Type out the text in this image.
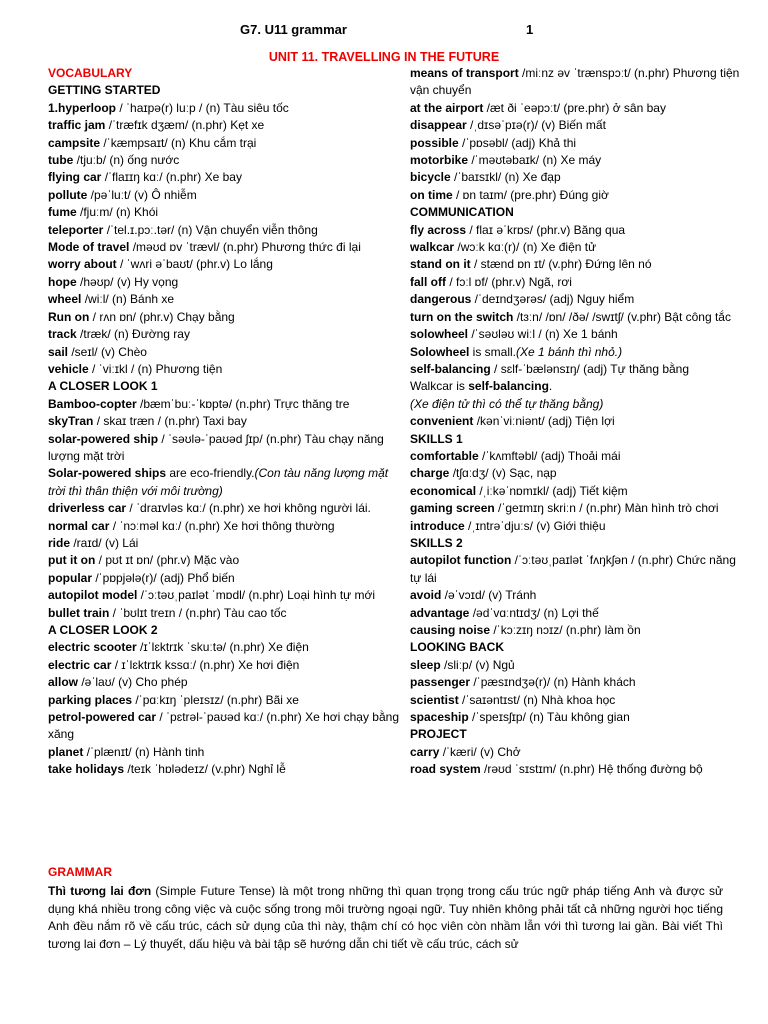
G7. U11 grammar	1
UNIT 11. TRAVELLING IN THE FUTURE
VOCABULARY
GETTING STARTED
1.hyperloop / ˈhaɪpə(r) luːp / (n) Tàu siêu tốc
traffic jam /ˈtræfɪk dʒæm/ (n.phr) Kẹt xe
campsite /ˈkæmpsaɪt/ (n) Khu cắm trại
tube /tjuːb/ (n) ống nước
flying car /ˈflaɪɪŋ kɑː/ (n.phr) Xe bay
pollute /pəˈluːt/ (v) Ô nhiễm
fume /fjuːm/ (n) Khói
teleporter /ˈtel.ɪ.pɔː.tər/ (n) Vận chuyển viễn thông
Mode of travel /məʊd ɒv ˈtrævl/ (n.phr) Phương thức đi lại
worry about / ˈwʌri əˈbaʊt/ (phr.v) Lo lắng
hope /həʊp/ (v) Hy vọng
wheel /wiːl/ (n) Bánh xe
Run on / rʌn ɒn/ (phr.v) Chạy bằng
track /træk/ (n) Đường ray
sail /seɪl/ (v) Chèo
vehicle / ˈviːɪkl / (n) Phương tiện
A CLOSER LOOK 1
Bamboo-copter /bæmˈbuː-ˈkɒptə/ (n.phr) Trực thăng tre
skyTran / skaɪ træn / (n.phr) Taxi bay
solar-powered ship / ˈsəʊlə-ˈpaʊəd ʃɪp/ (n.phr) Tàu chạy năng lượng mặt trời
Solar-powered ships are eco-friendly.(Con tàu năng lượng mặt trời thì thân thiện với môi trường)
driverless car / ˈdraɪvləs kɑː/ (n.phr) xe hơi không người lái.
normal car / ˈnɔːməl kɑː/ (n.phr) Xe hơi thông thường
ride /raɪd/ (v) Lái
put it on / pʊt ɪt ɒn/ (phr.v) Mặc vào
popular /ˈpɒpjələ(r)/ (adj) Phổ biến
autopilot model /ˈɔːtəʊˌpaɪlət ˈmɒdl/ (n.phr) Loại hình tự mới
bullet train / ˈbʊlɪt treɪn / (n.phr) Tàu cao tốc
A CLOSER LOOK 2
electric scooter /ɪˈlɛktrɪk ˈskuːtə/ (n.phr) Xe điện
electric car / ɪˈlɛktrɪk kssɑː/ (n.phr) Xe hơi điện
allow /əˈlaʊ/ (v) Cho phép
parking places /ˈpɑːkɪŋ ˈpleɪsɪz/ (n.phr) Bãi xe
petrol-powered car / ˈpɛtrəl-ˈpaʊəd kɑː/ (n.phr) Xe hơi chạy bằng xăng
planet /ˈplænɪt/ (n) Hành tinh
take holidays /teɪk ˈhɒlədeɪz/ (v.phr) Nghỉ lễ
means of transport /miːnz əv ˈtrænspɔːt/ (n.phr) Phương tiện vận chuyển
at the airport /æt ði ˈeəpɔːt/ (pre.phr) ở sân bay
disappear /ˌdɪsəˈpɪə(r)/ (v) Biến mất
possible /ˈpɒsəbl/ (adj) Khả thi
motorbike /ˈməʊtəbaɪk/ (n) Xe máy
bicycle /ˈbaɪsɪkl/ (n) Xe đạp
on time / ɒn taɪm/ (pre.phr) Đúng giờ
COMMUNICATION
fly across / flaɪ əˈkrɒs/ (phr.v) Băng qua
walkcar /wɔːk kɑː(r)/ (n) Xe điện tử
stand on it / stænd ɒn ɪt/ (v.phr) Đứng lên nó
fall off / fɔːl ɒf/ (phr.v) Ngã, rơi
dangerous /ˈdeɪndʒərəs/ (adj) Nguy hiểm
turn on the switch /tɜːn/ /ɒn/ /ðə/ /swɪtʃ/ (v.phr) Bật công tắc
solowheel /ˈsəʊləʊ wiːl / (n) Xe 1 bánh
Solowheel is small.(Xe 1 bánh thì nhỏ.)
self-balancing / sɛlf-ˈbælənsɪŋ/ (adj) Tự thăng bằng
Walkcar is self-balancing.
(Xe điện tử thì có thể tự thăng bằng)
convenient /kənˈviːniənt/ (adj) Tiện lợi
SKILLS 1
comfortable /ˈkʌmftəbl/ (adj) Thoải mái
charge /tʃɑːdʒ/ (v) Sạc, nạp
economical /ˌiːkəˈnɒmɪkl/ (adj) Tiết kiệm
gaming screen /ˈɡeɪmɪŋ skriːn / (n.phr) Màn hình trò chơi
introduce /ˌɪntrəˈdjuːs/ (v) Giới thiệu
SKILLS 2
autopilot function /ˈɔːtəʊˌpaɪlət ˈfʌŋkʃən / (n.phr) Chức năng tự lái
avoid /əˈvɔɪd/ (v) Tránh
advantage /ədˈvɑːntɪdʒ/ (n) Lợi thế
causing noise /ˈkɔːzɪŋ nɔɪz/ (n.phr) làm ồn
LOOKING BACK
sleep /sliːp/ (v) Ngủ
passenger /ˈpæsɪndʒə(r)/ (n) Hành khách
scientist /ˈsaɪəntɪst/ (n) Nhà khoa học
spaceship /ˈspeɪsʃɪp/ (n) Tàu không gian
PROJECT
carry /ˈkæri/ (v) Chở
road system /rəʊd ˈsɪstɪm/ (n.phr) Hệ thống đường bộ
GRAMMAR
Thì tương lai đơn (Simple Future Tense) là một trong những thì quan trọng trong cấu trúc ngữ pháp tiếng Anh và được sử dụng khá nhiều trong công việc và cuộc sống trong môi trường ngoại ngữ. Tuy nhiên không phải tất cả những người học tiếng Anh đều nắm rõ về cấu trúc, cách sử dụng của thì này, thậm chí có học viên còn nhầm lẫn với thì tương lai gần. Bài viết Thì tương lai đơn – Lý thuyết, dấu hiệu và bài tập sẽ hướng dẫn chi tiết về cấu trúc, cách sử
